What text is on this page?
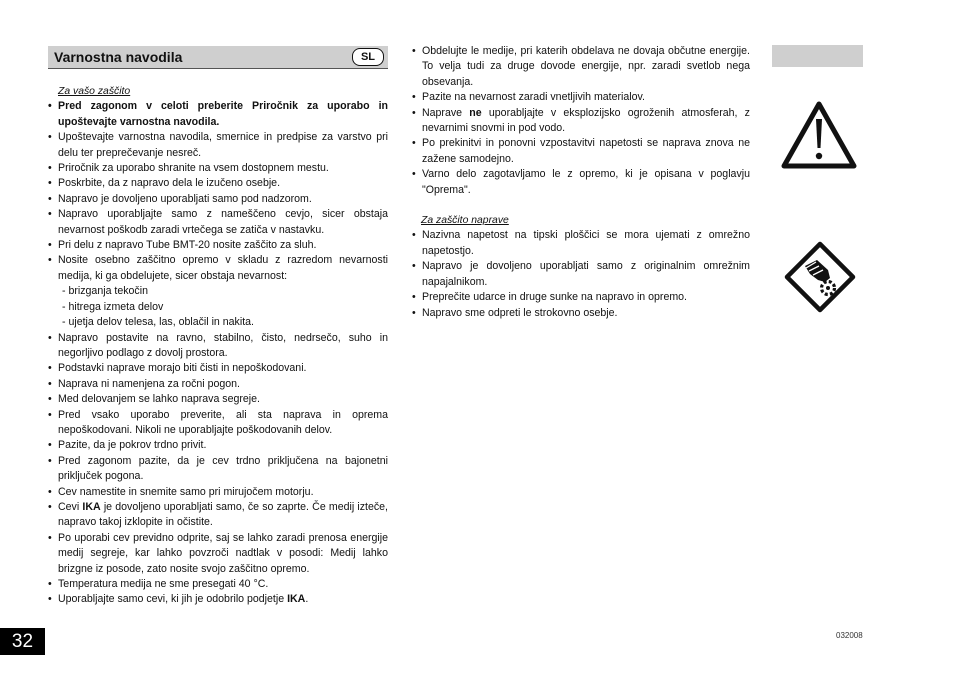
Varnostna navodila	SL
Za vašo zaščito
• Pred zagonom v celoti preberite Priročnik za uporabo in upoštevajte varnostna navodila.
• Upoštevajte varnostna navodila, smernice in predpise za varstvo pri delu ter preprečevanje nesreč.
• Priročnik za uporabo shranite na vsem dostopnem mestu.
• Poskrbite, da z napravo dela le izučeno osebje.
• Napravo je dovoljeno uporabljati samo pod nadzorom.
• Napravo uporabljajte samo z nameščeno cevjo, sicer obstaja nevarnost poškodb zaradi vrtečega se zatiča v nastavku.
• Pri delu z napravo Tube BMT-20 nosite zaščito za sluh.
• Nosite osebno zaščitno opremo v skladu z razredom nevarnosti medija, ki ga obdelujete, sicer obstaja nevarnost:
- brizganja tekočin
- hitrega izmeta delov
- ujetja delov telesa, las, oblačil in nakita.
• Napravo postavite na ravno, stabilno, čisto, nedrsečo, suho in negorljivo podlago z dovolj prostora.
• Podstavki naprave morajo biti čisti in nepoškodovani.
• Naprava ni namenjena za ročni pogon.
• Med delovanjem se lahko naprava segreje.
• Pred vsako uporabo preverite, ali sta naprava in oprema nepoškodovani. Nikoli ne uporabljajte poškodovanih delov.
• Pazite, da je pokrov trdno privit.
• Pred zagonom pazite, da je cev trdno priključena na bajonetni priključek pogona.
• Cev namestite in snemite samo pri mirujočem motorju.
• Cevi IKA je dovoljeno uporabljati samo, če so zaprte. Če medij izteče, napravo takoj izklopite in očistite.
• Po uporabi cev previdno odprite, saj se lahko zaradi prenosa energije medij segreje, kar lahko povzroči nadtlak v posodi: Medij lahko brizgne iz posode, zato nosite svojo zaščitno opremo.
• Temperatura medija ne sme presegati 40 °C.
• Uporabljajte samo cevi, ki jih je odobrilo podjetje IKA.
• Obdelujte le medije, pri katerih obdelava ne dovaja občutne energije. To velja tudi za druge dovode energije, npr. zaradi svetlob nega obsevanja.
• Pazite na nevarnost zaradi vnetljivih materialov.
• Naprave ne uporabljajte v eksplozijsko ogroženih atmosferah, z nevarnimi snovmi in pod vodo.
• Po prekinitvi in ponovni vzpostavitvi napetosti se naprava znova ne zažene samodejno.
• Varno delo zagotavljamo le z opremo, ki je opisana v poglavju "Oprema".
Za zaščito naprave
• Nazivna napetost na tipski ploščici se mora ujemati z omrežno napetostjo.
• Napravo je dovoljeno uporabljati samo z originalnim omrežnim napajalnikom.
• Preprečite udarce in druge sunke na napravo in opremo.
• Napravo sme odpreti le strokovno osebje.
32	032008
